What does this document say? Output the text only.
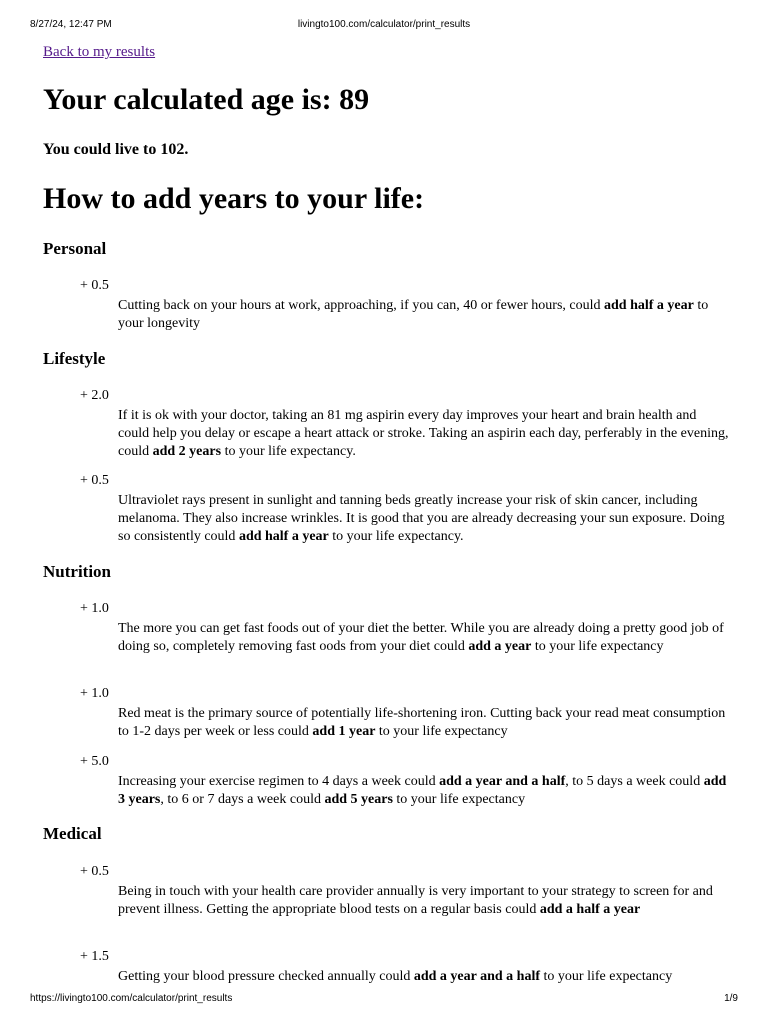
8/27/24, 12:47 PM	livingto100.com/calculator/print_results
Back to my results
Your calculated age is: 89
You could live to 102.
How to add years to your life:
Personal
+ 0.5
Cutting back on your hours at work, approaching, if you can, 40 or fewer hours, could add half a year to your longevity
Lifestyle
+ 2.0
If it is ok with your doctor, taking an 81 mg aspirin every day improves your heart and brain health and could help you delay or escape a heart attack or stroke. Taking an aspirin each day, perferably in the evening, could add 2 years to your life expectancy.
+ 0.5
Ultraviolet rays present in sunlight and tanning beds greatly increase your risk of skin cancer, including melanoma. They also increase wrinkles. It is good that you are already decreasing your sun exposure. Doing so consistently could add half a year to your life expectancy.
Nutrition
+ 1.0
The more you can get fast foods out of your diet the better. While you are already doing a pretty good job of doing so, completely removing fast oods from your diet could add a year to your life expectancy
+ 1.0
Red meat is the primary source of potentially life-shortening iron. Cutting back your read meat consumption to 1-2 days per week or less could add 1 year to your life expectancy
+ 5.0
Increasing your exercise regimen to 4 days a week could add a year and a half, to 5 days a week could add 3 years, to 6 or 7 days a week could add 5 years to your life expectancy
Medical
+ 0.5
Being in touch with your health care provider annually is very important to your strategy to screen for and prevent illness. Getting the appropriate blood tests on a regular basis could add a half a year
+ 1.5
Getting your blood pressure checked annually could add a year and a half to your life expectancy
https://livingto100.com/calculator/print_results	1/9
